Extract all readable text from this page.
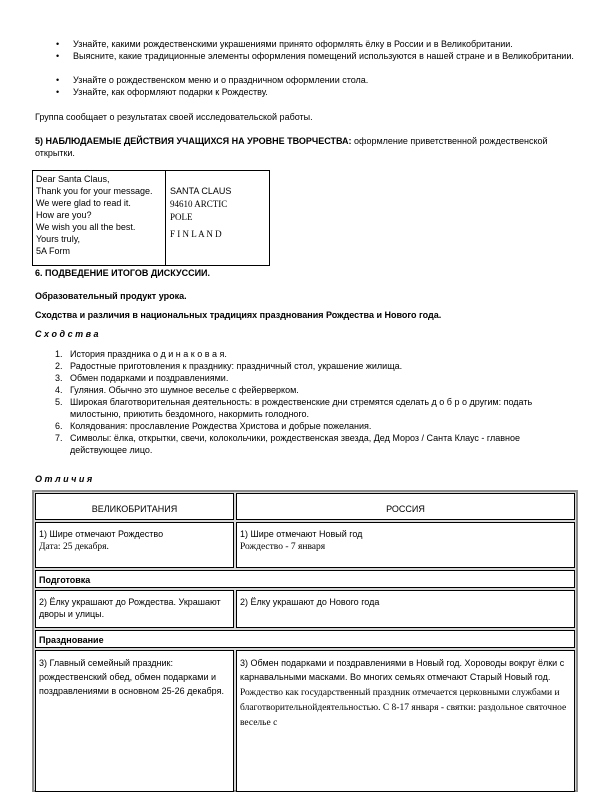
• Узнайте, какими рождественскими украшениями принято оформлять ёлку в России и в Великобритании.
• Выясните, какие традиционные элементы оформления помещений используются в нашей стране и в Великобритании.
• Узнайте о рождественском меню и о праздничном оформлении стола.
• Узнайте, как оформляют подарки к Рождеству.
Группа сообщает о результатах своей исследовательской работы.
5) НАБЛЮДАЕМЫЕ ДЕЙСТВИЯ УЧАЩИХСЯ НА УРОВНЕ ТВОРЧЕСТВА: оформление приветственной рождественской открытки.
Dear Santa Claus,
Thank you for your message.
We were glad to read it.
How are you?
We wish you all the best.
Yours truly,
5A Form
SANTA CLAUS
94610 ARCTIC
POLE
F I N L A N D
6. ПОДВЕДЕНИЕ ИТОГОВ ДИСКУССИИ.
Образовательный продукт урока.
Сходства и различия в национальных традициях празднования Рождества и Нового года.
С х о д с т в а
1. История праздника о д и н а к о в а я.
2. Радостные приготовления к празднику: праздничный стол, украшение жилища.
3. Обмен подарками и поздравлениями.
4. Гуляния. Обычно это шумное веселье с фейерверком.
5. Широкая благотворительная деятельность: в рождественские дни стремятся сделать д о б р о другим: подать милостыню, приютить бездомного, накормить голодного.
6. Колядования: прославление Рождества Христова и добрые пожелания.
7. Символы: ёлка, открытки, свечи, колокольчики, рождественская звезда, Дед Мороз / Санта Клаус - главное действующее лицо.
О т л и ч и я
ВЕЛИКОБРИТАНИЯ	РОССИЯ
1) Шире отмечают Рождество
Дата: 25 декабря.
1) Шире отмечают Новый год
Рождество - 7 января
Подготовка
2) Ёлку украшают до Рождества. Украшают дворы и улицы.
2) Ёлку украшают до Нового года
Празднование
3) Главный семейный праздник: рождественский обед, обмен подарками и поздравлениями в основном 25-26 декабря.
3) Обмен подарками и поздравлениями в Новый год. Хороводы вокруг ёлки с карнавальными масками. Во многих семьях отмечают Старый Новый год.
Рождество как государственный праздник отмечается церковными службами и благотворительнойдеятельностью. С 8-17 января - святки: раздольное святочное веселье с
